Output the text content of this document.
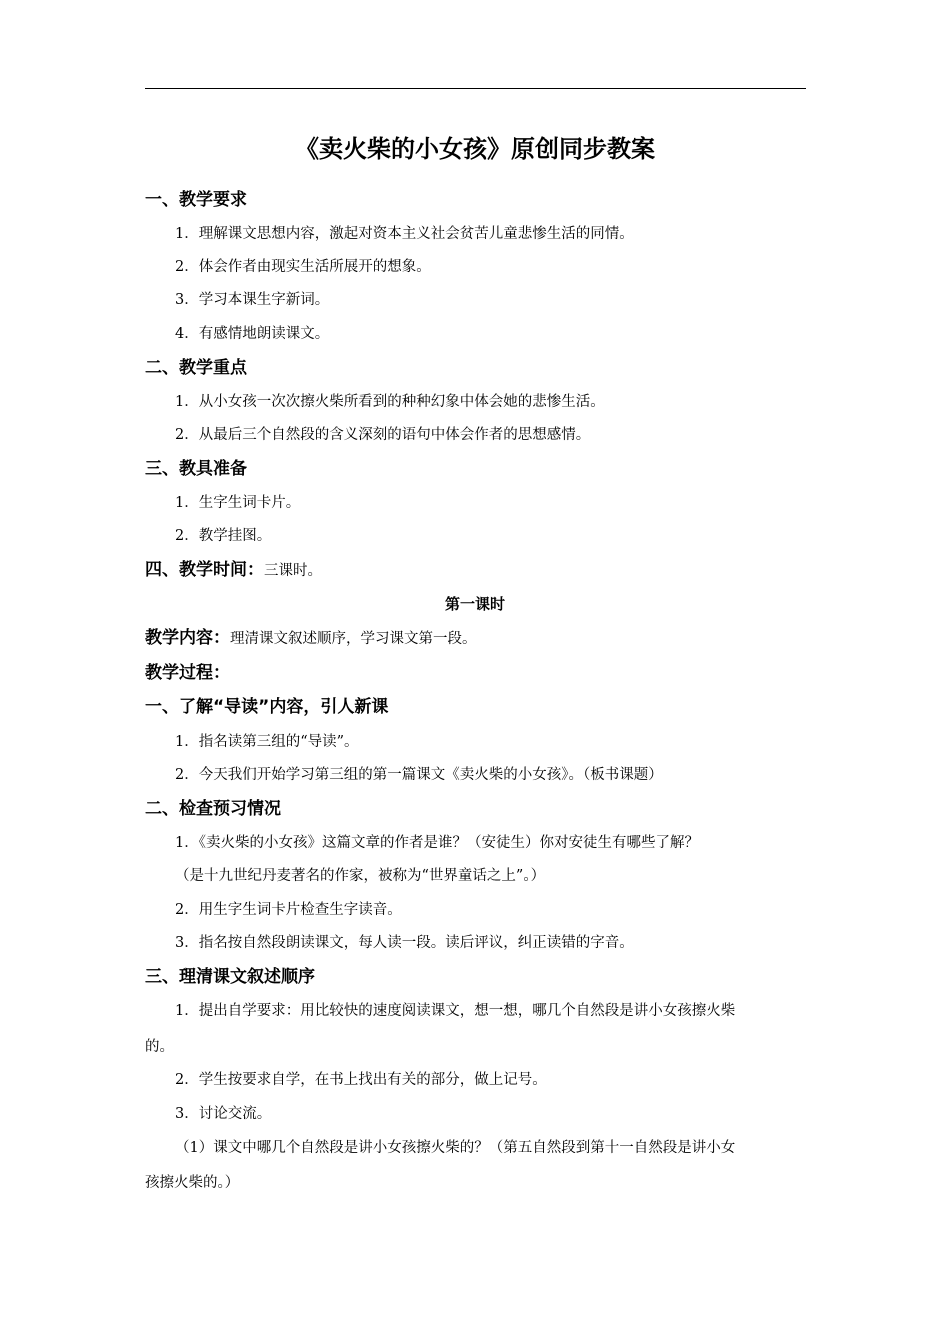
《卖火柴的小女孩》原创同步教案
一、教学要求
1．理解课文思想内容，激起对资本主义社会贫苦儿童悲惨生活的同情。
2．体会作者由现实生活所展开的想象。
3．学习本课生字新词。
4．有感情地朗读课文。
二、教学重点
1．从小女孩一次次擦火柴所看到的种种幻象中体会她的悲惨生活。
2．从最后三个自然段的含义深刻的语句中体会作者的思想感情。
三、教具准备
1．生字生词卡片。
2．教学挂图。
四、教学时间：三课时。
第一课时
教学内容：理清课文叙述顺序，学习课文第一段。
教学过程：
一、了解“导读”内容，引人新课
1．指名读第三组的“导读”。
2．今天我们开始学习第三组的第一篇课文《卖火柴的小女孩》。（板书课题）
二、检查预习情况
1．《卖火柴的小女孩》这篇文章的作者是谁？（安徒生）你对安徒生有哪些了解？
（是十九世纪丹麦著名的作家，被称为“世界童话之上”。）
2．用生字生词卡片检查生字读音。
3．指名按自然段朗读课文，每人读一段。读后评议，纠正读错的字音。
三、理清课文叙述顺序
1．提出自学要求：用比较快的速度阅读课文，想一想，哪几个自然段是讲小女孩擦火柴
的。
2．学生按要求自学，在书上找出有关的部分，做上记号。
3．讨论交流。
（1）课文中哪几个自然段是讲小女孩擦火柴的？（第五自然段到第十一自然段是讲小女
孩擦火柴的。）
